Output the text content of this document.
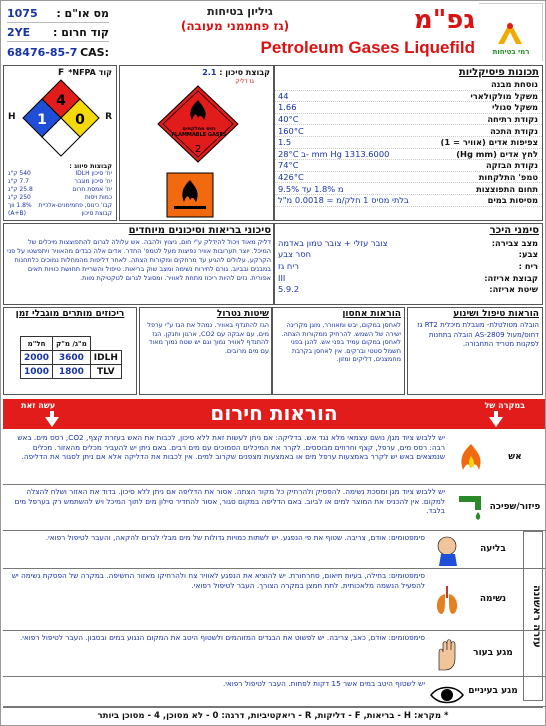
רמי בטיחות
גפ"מ
גיליון בטיחות
(גז פחממני מעובה)
Petroleum Gases Liquefild
מס או"ם :
1075
קוד חרום :
2YE
CAS:
68476-85-7
תכונות פיסיקליות
נוסחת מבנה
משקל מולקולארי
44
משקל סגולי
1.66
נקודת רתיחה
40°C
נקודת התכה
160°C
צפיפות אדים (אוויר = 1)
1.5
לחץ אדים (Hg mm)
28°C ב- mm Hg 1313.6000
נקודת הבזקה
74°C
טמפ' התלקחות
426°C
תחום התפוצצות
מ 1.8% עד 9.5%
מסיסות במים
בלתי מסיס 1 חלק/מ = 0.0018 מ"ל
קבוצת סיכון : 2.1
גז דליק
2
גזים מתלקחים FLAMMABLE GASES
קוד NFPA*
4
1 0
H	R
F
קבוצות סיווג :
יח' סיכון IDLH
540 ק"ג
יח' סיכון מוגבר
7.7 ק"ג
יח' אמסת חרום
25.8 ק"ג
כמות ויסות
250 ק"ג
קבו' כינוס, פחמימנים-אלכיית
1.8% ווך
קבוצת סיכון
(A+B)
סימני היכר
מצב צבירה:
צובר עזלי + צובר טמון באדמה
צבע:
חסר צבע
ריח :
ריח גז
קבוצת אריזה:
III
שיטת אריזה:
5.9.2
סיכוני בריאות וסיכונים מיוחדים
דליק מאוד ויכול להידלק ע"י חום, ניצוץ ולהבה. אש עלולה לגרום להתפוצצות מיכלים של המיכל. יוצר תערובות אוויר נפיצות מעל לטמפ' החדר. אדים אלה כבדים מהאוויר ויתפשטו על פני הקרקע, עלולים להגיע עד מרחקים ומקורות הצתה. לאחר דליפות מהמחלות נמוכים כלתחנות במבנים ובביוב. גורם לחירות נשימה ומצב שוק בריאות. טיפול והשריית תחושת כוויות תאים אפורית. נזים להיות ריכוז מתחת לאוויר. ומסוגל לגרום לטקטיקת מוות.
הוראות טיפול ושינוע
הובלה מטולטלת- מוגבלת מיכלית RT2 גז דחוס/מעול AS-2809 הובלה בתחנות לפקנות מטריד התחבורה.
הוראות אחסון
לאחסן במקום, יבש ומאוורר, מוגן מקרינה ישירה של השמש. להרחיק ממקורות הצתה. לאחסן במקום עמיד בפני אש. להגן בפני חשמל סטטי וברקים. אין לאחסן בקרבת מחמצנים, דליקים ומזון.
שיטות נטרול
הגז להתנדף באוויר. נמהל את הגז ע"י ערפל מים, עם אבקה עם CO2, ארגון וחנקן. הגז להתנדף לאוויר נמוך וגם יש שטח נמוך מאוד עם מים מרובים.
ריכוזים מותרים מוגבלי זמן
	מ"ג/ מ"ק	חל"מ
IDLH	3600	2000
TLV	1800	1000
הוראות חירום
עשה זאת	במקרה של
עזרה ראשונה
אש
יש ללבוש ציוד מגן/ נושם עצמאי מלא נגד אש. בדליקה: אם ניתן לעשות זאת ללא סיכון, לכבות את האש בעזרת קצף, CO2, רסס מים. באש רבה: רסס מים, ערפל, קצף וחרוזים מבוססים. לקרר את המיכלים הסמוכים עם מים רבים. באם ניתן יש להעביר מכלים מהאזור. מכלים שנמצאים באש יש לקרר באמצעות ערפל מים או באמצעות מצפנים שקרוב למים. אין לכבות את הדליקה אלא אם ניתן לסגור את הדליפה.
פיזור/שפיכה
יש ללבוש ציוד מגן ומסכת נשימה. להפסיק ולהרחיק כל מקור הצתה. אסור את הדליפה אם ניתן ללא סיכון. בדוד את האזור ושלח להצלה למקום. אין להכניס את המוצר למים או לביוב. באם הדליפה במקום סגור, אסור להחדיר סילון מים לתוך המיכל ויש להשתמש רק בערפל מים בלבד.
בליעה
סימפטומים: אודם, צריבה. שטוף את פי הנפגע. יש לשתות כמויות גדולות של מים מבלי לגרום להקאה, והעבר לטיפול רפואי.
נשימה
סימפטומים: בחילה, בעיות תיאום, סחרחורת. יש להוציא את הנפגע לאוויר צח ולהרחיקו מאזור החשיפה. במקרה של הפסקת נשימה יש להפעיל הנשמה מלאכותית. לתת חמצן במקרה הצורך. העבר לטיפול רפואי.
מגע בעור
סימפטומים: אודם, כאב, צריבה. יש לפשוט את הבגדים המזוהמים ולשטוף היטב את המקום הנגוע במים ובסבון. העבר לטיפול רפואי.
מגע בעיניים
יש לשטוף היטב במים אשר 15 דקות לפחות. העבר לטיפול רפואי.
* מקרא: H - בריאות, F - דליקות, R - ריאקטיביות, דרגה: 0 - לא מסוכן, 4 - מסוכן ביותר
